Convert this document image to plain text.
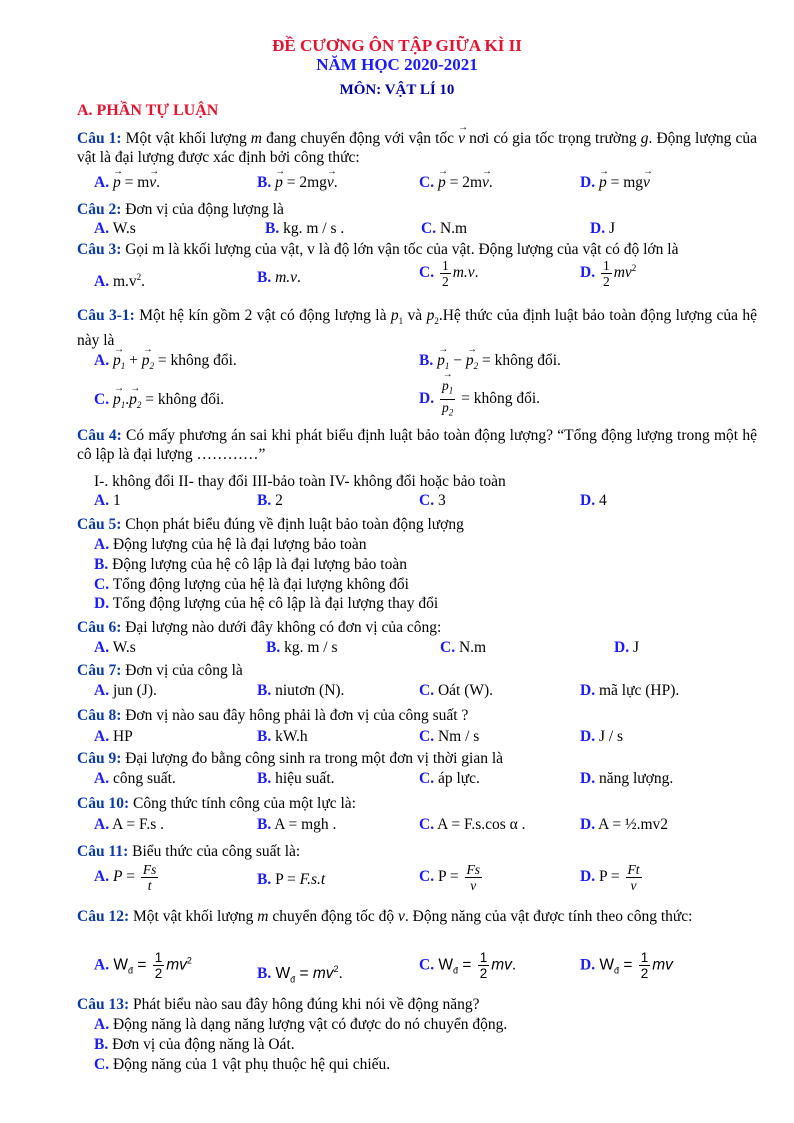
ĐỀ CƯƠNG ÔN TẬP GIỮA KÌ II
NĂM HỌC 2020-2021
MÔN: VẬT LÍ 10
A. PHẦN TỰ LUẬN
Câu 1: Một vật khối lượng m đang chuyển động với vận tốc → v nơi có gia tốc trọng trường g. Động lượng của vật là đại lượng được xác định bởi công thức:
A. → p = m→ v.	B. → p = 2mg→ v.	C. → p = 2m→ v.	D. → p = mg→ v
Câu 2: Đơn vị của động lượng là
A. W.s	B. kg. m / s .	C. N.m	D. J
Câu 3: Gọi m là kkối lượng của vật, v là độ lớn vận tốc của vật. Động lượng của vật có độ lớn là
A. $m.v^2$.	B. m.v.	C. $\frac{1}{2} m.v$.	D. $\frac{1}{2} mv^2$
Câu 3-1: Một hệ kín gồm 2 vật có động lượng là $p_1$ và $p_2.Hệ$ thức của định luật bảo toàn động lượng của hệ này là
A. → $p_1$ + → $p_2$ = không đổi.	B. → $p_1$ − → $p_2$ = không đổi.
C. → $p_1.\to p_2$ = không đổi.	D. → $\frac{p_1}{p_2}$ = không đổi.
Câu 4: Có mấy phương án sai khi phát biểu định luật bảo toàn động lượng? “Tổng động lượng trong một hệ cô lập là đại lượng …………”
I-. không đổi II- thay đổi III-bảo toàn IV- không đổi hoặc bảo toàn
A. 1	B. 2	C. 3	D. 4
Câu 5: Chọn phát biểu đúng về định luật bảo toàn động lượng
A. Động lượng của hệ là đại lượng bảo toàn
B. Động lượng của hệ cô lập là đại lượng bảo toàn
C. Tổng động lượng của hệ là đại lượng không đổi
D. Tổng động lượng của hệ cô lập là đại lượng thay đổi
Câu 6: Đại lượng nào dưới đây không có đơn vị của công:
A. W.s	B. kg. m / s	C. N.m	D. J
Câu 7: Đơn vị của công là
A. jun (J).	B. niutơn (N).	C. Oát (W).	D. mã lực (HP).
Câu 8: Đơn vị nào sau đây hông phải là đơn vị của công suất ?
A. HP	B. kW.h	C. Nm / s	D. J / s
Câu 9: Đại lượng đo bằng công sinh ra trong một đơn vị thời gian là
A. công suất.	B. hiệu suất.	C. áp lực.	D. năng lượng.
Câu 10: Công thức tính công của một lực là:
A. A = F.s .	B. A = mgh .	C. A = F.s.cos α .	D. A = ½.mv2
Câu 11: Biểu thức của công suất là:
A. $P = \frac{Fs}{t}$	B. P = F.s.t	C. $P = \frac{Fs}{v}$	D. $P = \frac{Ft}{v}$
Câu 12: Một vật khối lượng m chuyển động tốc độ v. Động năng của vật được tính theo công thức:
A. $W_đ = \frac{1}{2} mv^2$
B. $W_đ = mv^2$.
C. $W_đ = \frac{1}{2}$ mv.	D. $W_đ = \frac{1}{2}$ mv
Câu 13: Phát biểu nào sau đây hông đúng khi nói về động năng?
A. Động năng là dạng năng lượng vật có được do nó chuyển động.
B. Đơn vị của động năng là Oát.
C. Động năng của 1 vật phụ thuộc hệ qui chiếu.
